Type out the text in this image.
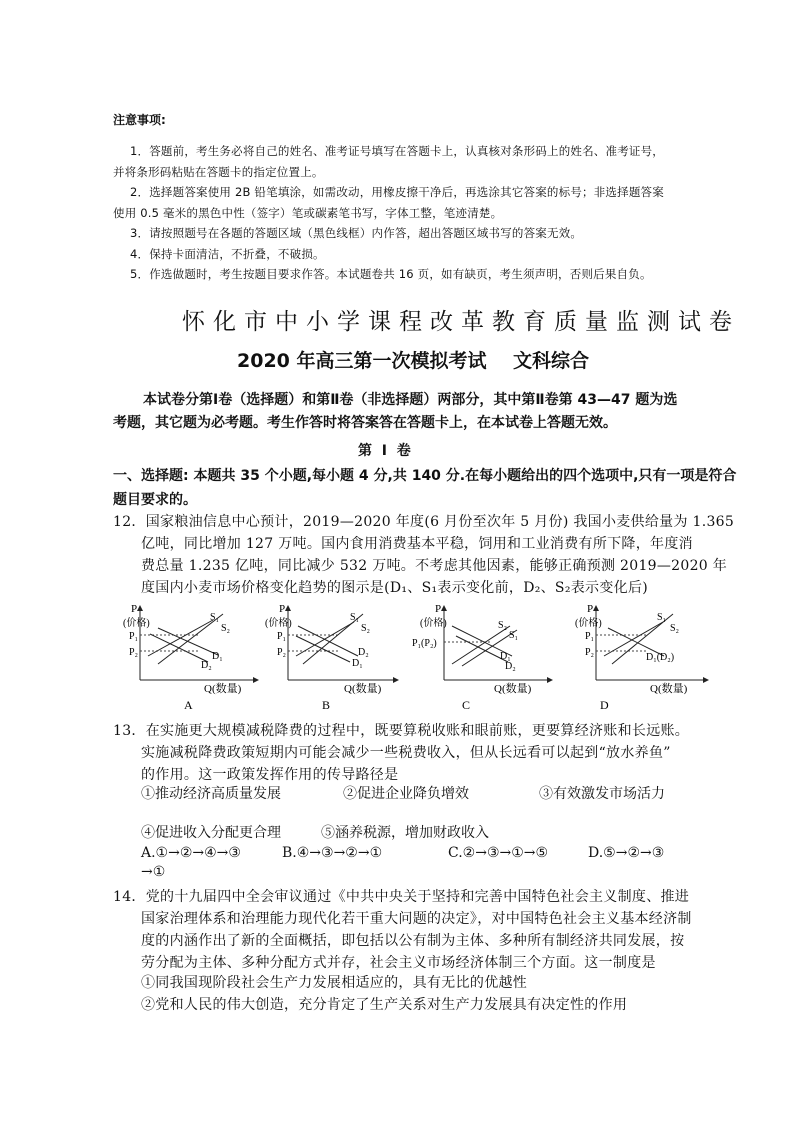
注意事项:
1．答题前，考生务必将自己的姓名、准考证号填写在答题卡上，认真核对条形码上的姓名、准考证号，
并将条形码粘贴在答题卡的指定位置上。
2．选择题答案使用 2B 铅笔填涂，如需改动，用橡皮擦干净后，再选涂其它答案的标号；非选择题答案
使用 0.5 毫米的黑色中性（签字）笔或碳素笔书写，字体工整，笔迹清楚。
3．请按照题号在各题的答题区域（黑色线框）内作答，超出答题区域书写的答案无效。
4．保持卡面清洁，不折叠，不破损。
5．作选做题时，考生按题目要求作答。本试题卷共 16 页，如有缺页，考生须声明，否则后果自负。
怀化市中小学课程改革教育质量监测试卷
2020 年高三第一次模拟考试    文科综合
本试卷分第Ⅰ卷（选择题）和第Ⅱ卷（非选择题）两部分，其中第Ⅱ卷第 43—47 题为选
考题，其它题为必考题。考生作答时将答案答在答题卡上，在本试卷上答题无效。
第  Ⅰ  卷
一、选择题: 本题共 35 个小题,每小题 4 分,共 140 分.在每小题给出的四个选项中,只有一项是符合
题目要求的。
12．国家粮油信息中心预计，2019—2020 年度(6 月份至次年 5 月份) 我国小麦供给量为 1.365
亿吨，同比增加 127 万吨。国内食用消费基本平稳，饲用和工业消费有所下降，年度消
费总量 1.235 亿吨，同比减少 532 万吨。不考虑其他因素，能够正确预测 2019—2020 年
度国内小麦市场价格变化趋势的图示是(D₁、S₁表示变化前，D₂、S₂表示变化后)
P
(价格)
P₁
P₂
S₁
S₂
D₁
D₂
Q(数量)
A
P
(价格)
P₁
P₂
S₁
S₂
D₁
D₂
Q(数量)
B
P
(价格)
P₁(P₂)
S₂
S₁
D₁
D₂
Q(数量)
C
P
(价格)
P₁
P₂
S₁
S₂
D₁(D₂)
Q(数量)
D
13．在实施更大规模减税降费的过程中，既要算税收账和眼前账，更要算经济账和长远账。
实施减税降费政策短期内可能会减少一些税费收入，但从长远看可以起到“放水养鱼”
的作用。这一政策发挥作用的传导路径是
①推动经济高质量发展	②促进企业降负增效	③有效激发市场活力
④促进收入分配更合理	⑤涵养税源，增加财政收入
A.①→②→④→③	B.④→③→②→①	C.②→③→①→⑤	D.⑤→②→③
→①
14．党的十九届四中全会审议通过《中共中央关于坚持和完善中国特色社会主义制度、推进
国家治理体系和治理能力现代化若干重大问题的决定》，对中国特色社会主义基本经济制
度的内涵作出了新的全面概括，即包括以公有制为主体、多种所有制经济共同发展，按
劳分配为主体、多种分配方式并存，社会主义市场经济体制三个方面。这一制度是
①同我国现阶段社会生产力发展相适应的，具有无比的优越性
②党和人民的伟大创造，充分肯定了生产关系对生产力发展具有决定性的作用
